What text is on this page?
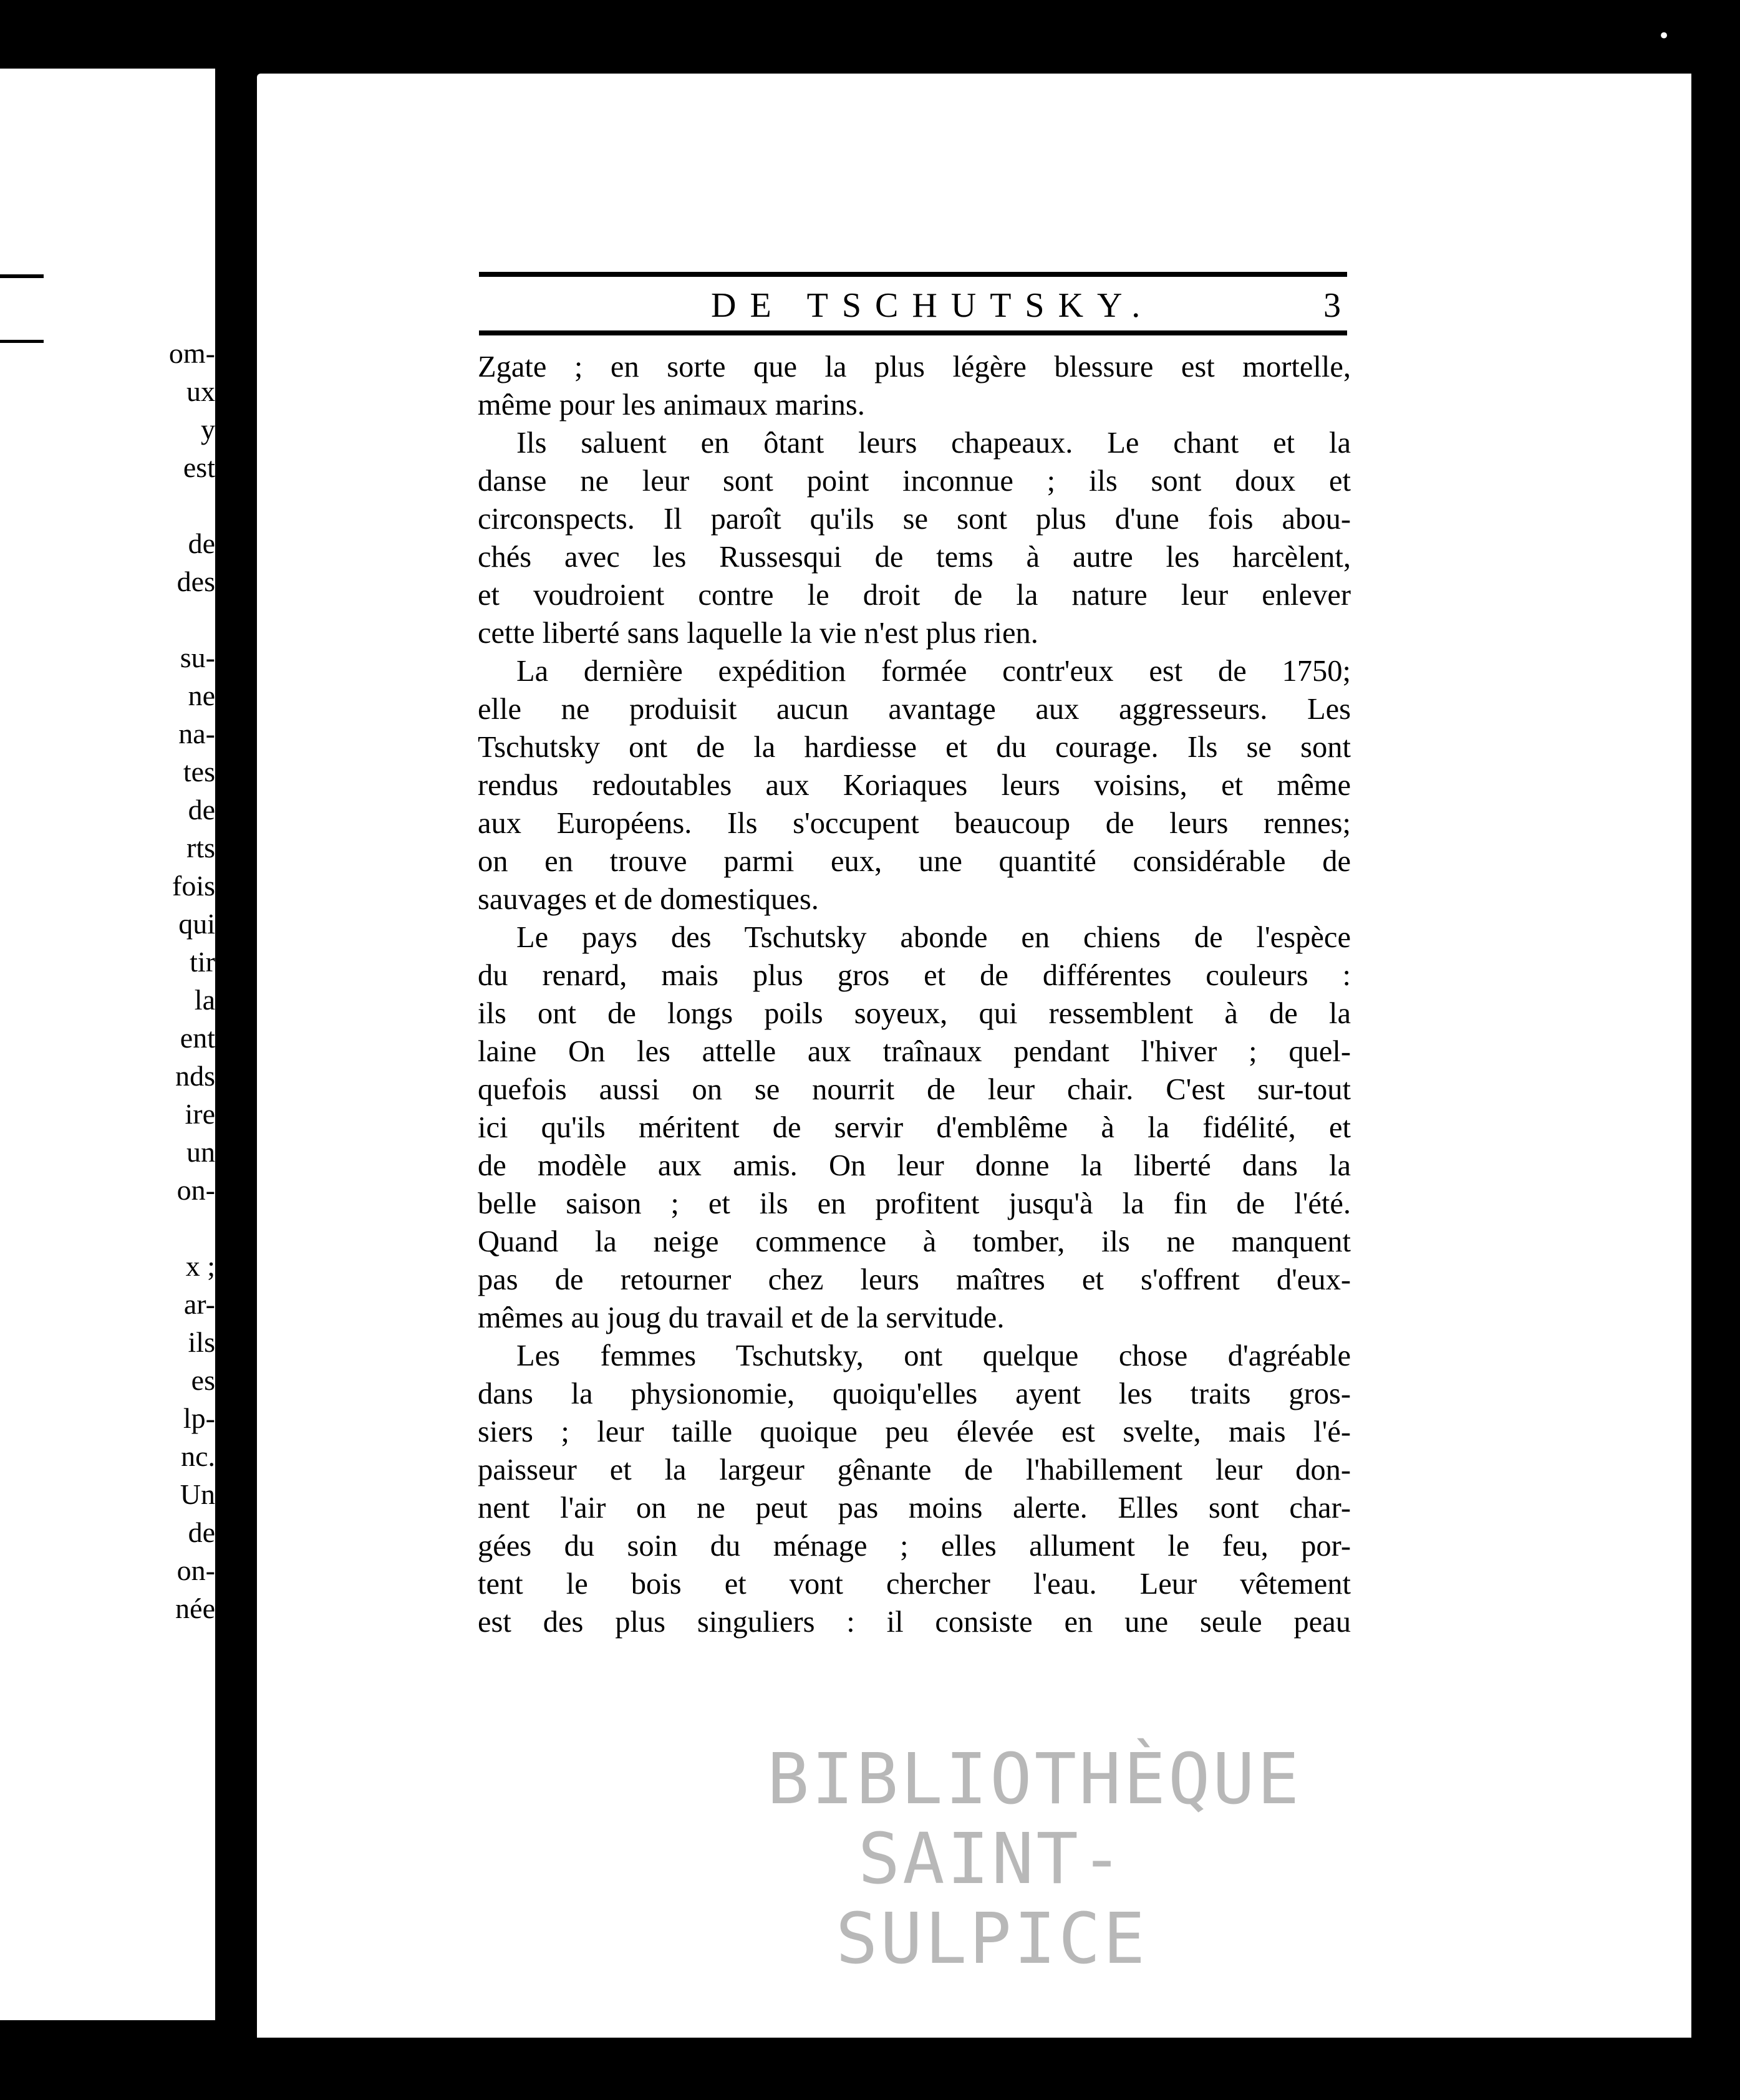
om-
ux
y
est
de
des
su-
ne
na-
tes
de
rts
fois
qui
tir
la
ent
nds
ire
un
on-
x ;
ar-
ils
es
lp-
nc.
Un
de
on-
née
•
DE TSCHUTSKY.	3
Zgate ; en sorte que la plus légère blessure est mortelle,
même pour les animaux marins.
Ils saluent en ôtant leurs chapeaux. Le chant et la
danse ne leur sont point inconnue ; ils sont doux et
circonspects. Il paroît qu'ils se sont plus d'une fois abou-
chés avec les Russesqui de tems à autre les harcèlent,
et voudroient contre le droit de la nature leur enlever
cette liberté sans laquelle la vie n'est plus rien.
La dernière expédition formée contr'eux est de 1750;
elle ne produisit aucun avantage aux aggresseurs. Les
Tschutsky ont de la hardiesse et du courage. Ils se sont
rendus redoutables aux Koriaques leurs voisins, et même
aux Européens. Ils s'occupent beaucoup de leurs rennes;
on en trouve parmi eux, une quantité considérable de
sauvages et de domestiques.
Le pays des Tschutsky abonde en chiens de l'espèce
du renard, mais plus gros et de différentes couleurs :
ils ont de longs poils soyeux, qui ressemblent à de la
laine On les attelle aux traînaux pendant l'hiver ; quel-
quefois aussi on se nourrit de leur chair. C'est sur-tout
ici qu'ils méritent de servir d'emblême à la fidélité, et
de modèle aux amis. On leur donne la liberté dans la
belle saison ; et ils en profitent jusqu'à la fin de l'été.
Quand la neige commence à tomber, ils ne manquent
pas de retourner chez leurs maîtres et s'offrent d'eux-
mêmes au joug du travail et de la servitude.
Les femmes Tschutsky, ont quelque chose d'agréable
dans la physionomie, quoiqu'elles ayent les traits gros-
siers ; leur taille quoique peu élevée est svelte, mais l'é-
paisseur et la largeur gênante de l'habillement leur don-
nent l'air on ne peut pas moins alerte. Elles sont char-
gées du soin du ménage ; elles allument le feu, por-
tent le bois et vont chercher l'eau. Leur vêtement
est des plus singuliers : il consiste en une seule peau
BIBLIOTHÈQUE
SAINT-SULPICE
